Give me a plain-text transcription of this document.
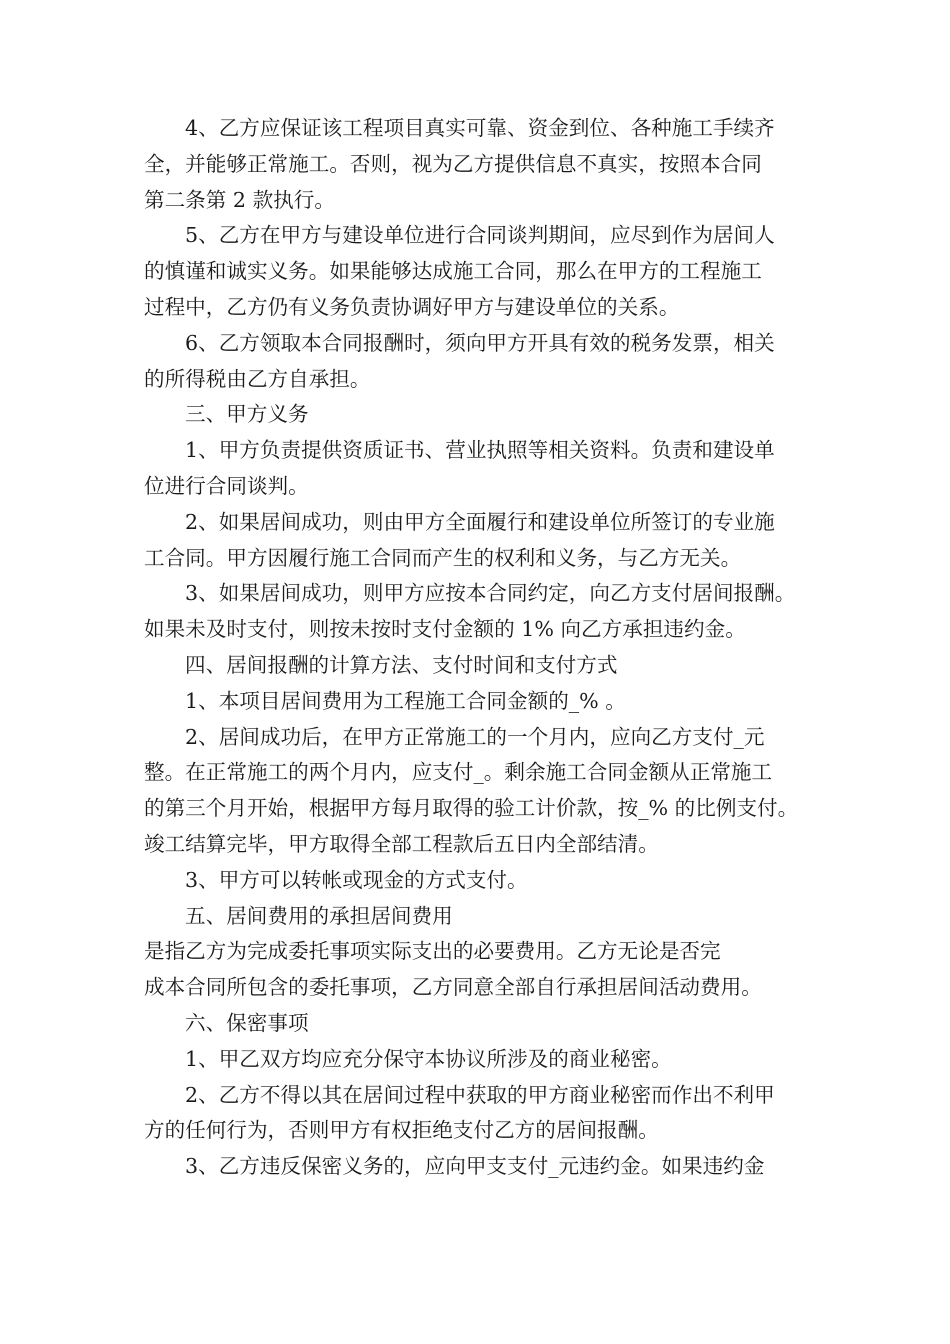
4、乙方应保证该工程项目真实可靠、资金到位、各种施工手续齐
全，并能够正常施工。否则，视为乙方提供信息不真实，按照本合同
第二条第 2 款执行。
5、乙方在甲方与建设单位进行合同谈判期间，应尽到作为居间人
的慎谨和诚实义务。如果能够达成施工合同，那么在甲方的工程施工
过程中，乙方仍有义务负责协调好甲方与建设单位的关系。
6、乙方领取本合同报酬时，须向甲方开具有效的税务发票，相关
的所得税由乙方自承担。
三、甲方义务
1、甲方负责提供资质证书、营业执照等相关资料。负责和建设单
位进行合同谈判。
2、如果居间成功，则由甲方全面履行和建设单位所签订的专业施
工合同。甲方因履行施工合同而产生的权利和义务，与乙方无关。
3、如果居间成功，则甲方应按本合同约定，向乙方支付居间报酬。
如果未及时支付，则按未按时支付金额的 1% 向乙方承担违约金。
四、居间报酬的计算方法、支付时间和支付方式
1、本项目居间费用为工程施工合同金额的_% 。
2、居间成功后，在甲方正常施工的一个月内，应向乙方支付_元
整。在正常施工的两个月内，应支付_。剩余施工合同金额从正常施工
的第三个月开始，根据甲方每月取得的验工计价款，按_% 的比例支付。
竣工结算完毕，甲方取得全部工程款后五日内全部结清。
3、甲方可以转帐或现金的方式支付。
五、居间费用的承担居间费用
是指乙方为完成委托事项实际支出的必要费用。乙方无论是否完
成本合同所包含的委托事项，乙方同意全部自行承担居间活动费用。
六、保密事项
1、甲乙双方均应充分保守本协议所涉及的商业秘密。
2、乙方不得以其在居间过程中获取的甲方商业秘密而作出不利甲
方的任何行为，否则甲方有权拒绝支付乙方的居间报酬。
3、乙方违反保密义务的，应向甲支支付_元违约金。如果违约金
